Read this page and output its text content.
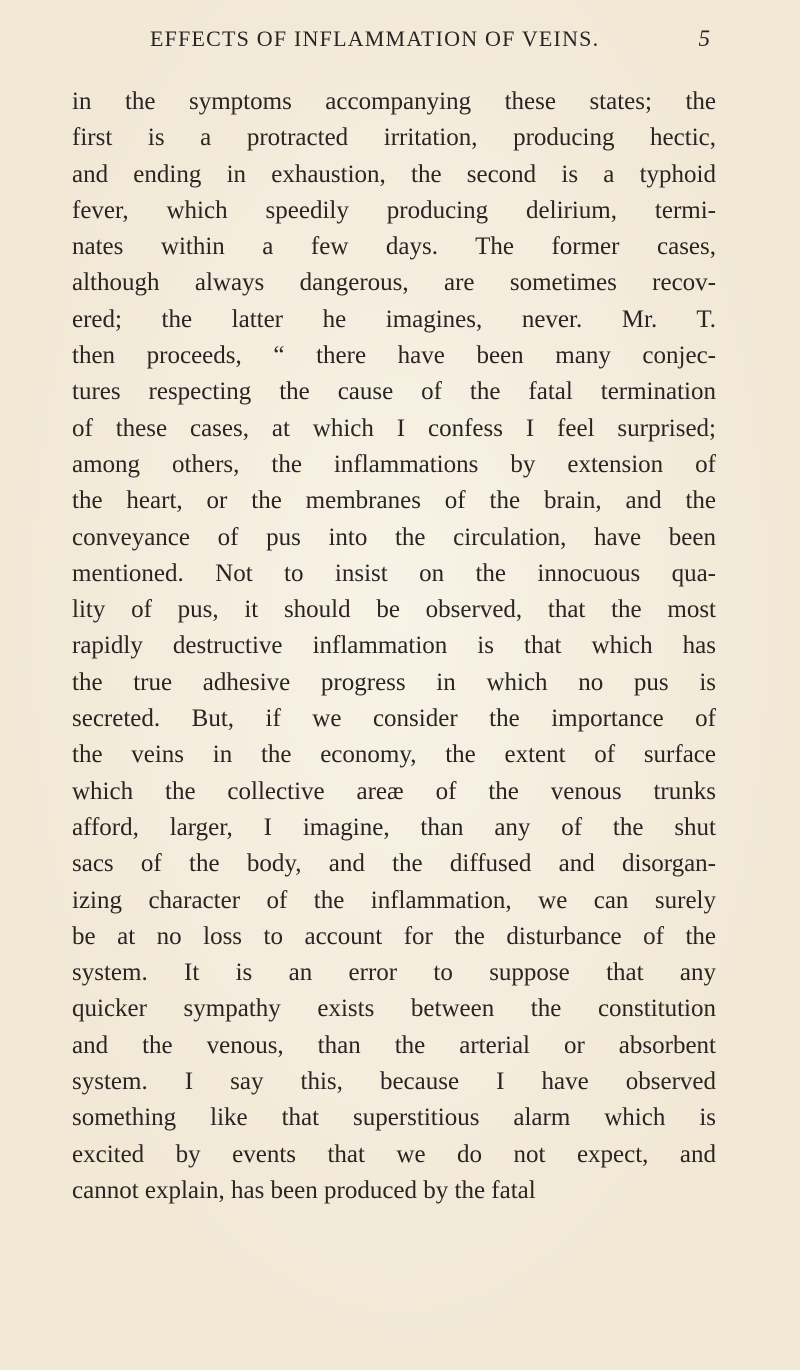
EFFECTS OF INFLAMMATION OF VEINS.	5
in the symptoms accompanying these states; the
first is a protracted irritation, producing hectic,
and ending in exhaustion, the second is a typhoid
fever, which speedily producing delirium, termi-
nates within a few days. The former cases,
although always dangerous, are sometimes recov-
ered; the latter he imagines, never. Mr. T.
then proceeds, “ there have been many conjec-
tures respecting the cause of the fatal termination
of these cases, at which I confess I feel surprised;
among others, the inflammations by extension of
the heart, or the membranes of the brain, and the
conveyance of pus into the circulation, have been
mentioned. Not to insist on the innocuous qua-
lity of pus, it should be observed, that the most
rapidly destructive inflammation is that which has
the true adhesive progress in which no pus is
secreted. But, if we consider the importance of
the veins in the economy, the extent of surface
which the collective areæ of the venous trunks
afford, larger, I imagine, than any of the shut
sacs of the body, and the diffused and disorgan-
izing character of the inflammation, we can surely
be at no loss to account for the disturbance of the
system. It is an error to suppose that any
quicker sympathy exists between the constitution
and the venous, than the arterial or absorbent
system. I say this, because I have observed
something like that superstitious alarm which is
excited by events that we do not expect, and
cannot explain, has been produced by the fatal
